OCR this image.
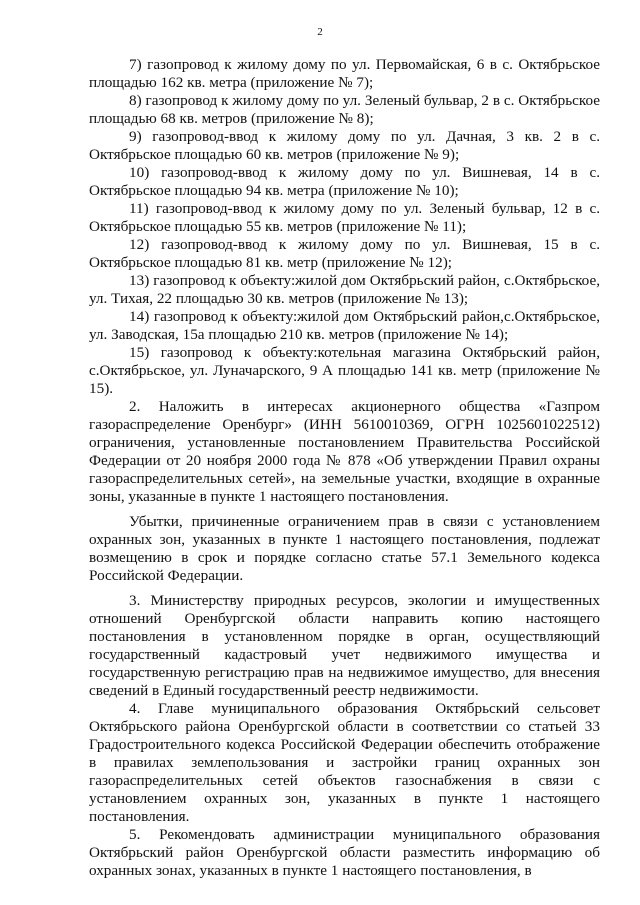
2

7) газопровод к жилому дому по ул. Первомайская, 6 в с. Октябрьское площадью 162 кв. метра (приложение № 7);

8) газопровод к жилому дому по ул. Зеленый бульвар, 2 в с. Октябрьское площадью 68 кв. метров (приложение № 8);

9) газопровод-ввод к жилому дому по ул. Дачная, 3 кв. 2 в с. Октябрьское площадью 60 кв. метров (приложение № 9);

10) газопровод-ввод к жилому дому по ул. Вишневая, 14 в с. Октябрьское площадью 94 кв. метра (приложение № 10);

11) газопровод-ввод к жилому дому по ул. Зеленый бульвар, 12 в с. Октябрьское площадью 55 кв. метров (приложение № 11);

12) газопровод-ввод к жилому дому по ул. Вишневая, 15 в с. Октябрьское площадью 81 кв. метр (приложение № 12);

13) газопровод к объекту:жилой дом Октябрьский район, с.Октябрьское, ул. Тихая, 22 площадью 30 кв. метров (приложение № 13);

14) газопровод к объекту:жилой дом Октябрьский район,с.Октябрьское, ул. Заводская, 15а площадью 210 кв. метров (приложение № 14);

15) газопровод к объекту:котельная магазина Октябрьский район, с.Октябрьское, ул. Луначарского, 9 А площадью 141 кв. метр (приложение № 15).

2. Наложить в интересах акционерного общества «Газпром газораспределение Оренбург» (ИНН 5610010369, ОГРН 1025601022512) ограничения, установленные постановлением Правительства Российской Федерации от 20 ноября 2000 года № 878 «Об утверждении Правил охраны газораспределительных сетей», на земельные участки, входящие в охранные зоны, указанные в пункте 1 настоящего постановления.

Убытки, причиненные ограничением прав в связи с установлением охранных зон, указанных в пункте 1 настоящего постановления, подлежат возмещению в срок и порядке согласно статье 57.1 Земельного кодекса Российской Федерации.

3. Министерству природных ресурсов, экологии и имущественных отношений Оренбургской области направить копию настоящего постановления в установленном порядке в орган, осуществляющий государственный кадастровый учет недвижимого имущества и государственную регистрацию прав на недвижимое имущество, для внесения сведений в Единый государственный реестр недвижимости.

4. Главе муниципального образования Октябрьский сельсовет Октябрьского района Оренбургской области в соответствии со статьей 33 Градостроительного кодекса Российской Федерации обеспечить отображение в правилах землепользования и застройки границ охранных зон газораспределительных сетей объектов газоснабжения в связи с установлением охранных зон, указанных в пункте 1 настоящего постановления.

5. Рекомендовать администрации муниципального образования Октябрьский район Оренбургской области разместить информацию об охранных зонах, указанных в пункте 1 настоящего постановления, в
